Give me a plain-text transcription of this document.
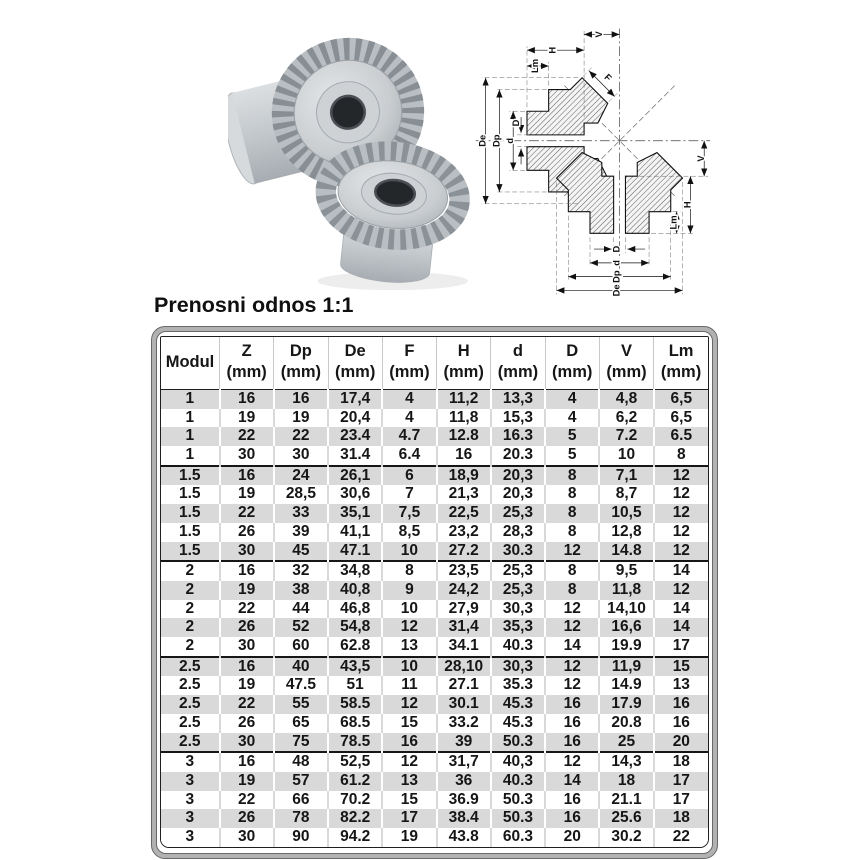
De Dp d
D
V
H
Lm
F
V
H
Lm
D
d
Dp
De
Prenosni odnos 1:1
Modul	
Z
(mm)

Dp
(mm)

De
(mm)

F
(mm)

H
(mm)

d
(mm)

D
(mm)

V
(mm)

Lm
(mm)

1	16	16	17,4	4	11,2	13,3	4	4,8	6,5
1	19	19	20,4	4	11,8	15,3	4	6,2	6,5
1	22	22	23.4	4.7	12.8	16.3	5	7.2	6.5
1	30	30	31.4	6.4	16	20.3	5	10	8
1.5	16	24	26,1	6	18,9	20,3	8	7,1	12
1.5	19	28,5	30,6	7	21,3	20,3	8	8,7	12
1.5	22	33	35,1	7,5	22,5	25,3	8	10,5	12
1.5	26	39	41,1	8,5	23,2	28,3	8	12,8	12
1.5	30	45	47.1	10	27.2	30.3	12	14.8	12
2	16	32	34,8	8	23,5	25,3	8	9,5	14
2	19	38	40,8	9	24,2	25,3	8	11,8	12
2	22	44	46,8	10	27,9	30,3	12	14,10	14
2	26	52	54,8	12	31,4	35,3	12	16,6	14
2	30	60	62.8	13	34.1	40.3	14	19.9	17
2.5	16	40	43,5	10	28,10	30,3	12	11,9	15
2.5	19	47.5	51	11	27.1	35.3	12	14.9	13
2.5	22	55	58.5	12	30.1	45.3	16	17.9	16
2.5	26	65	68.5	15	33.2	45.3	16	20.8	16
2.5	30	75	78.5	16	39	50.3	16	25	20
3	16	48	52,5	12	31,7	40,3	12	14,3	18
3	19	57	61.2	13	36	40.3	14	18	17
3	22	66	70.2	15	36.9	50.3	16	21.1	17
3	26	78	82.2	17	38.4	50.3	16	25.6	18
3	30	90	94.2	19	43.8	60.3	20	30.2	22
